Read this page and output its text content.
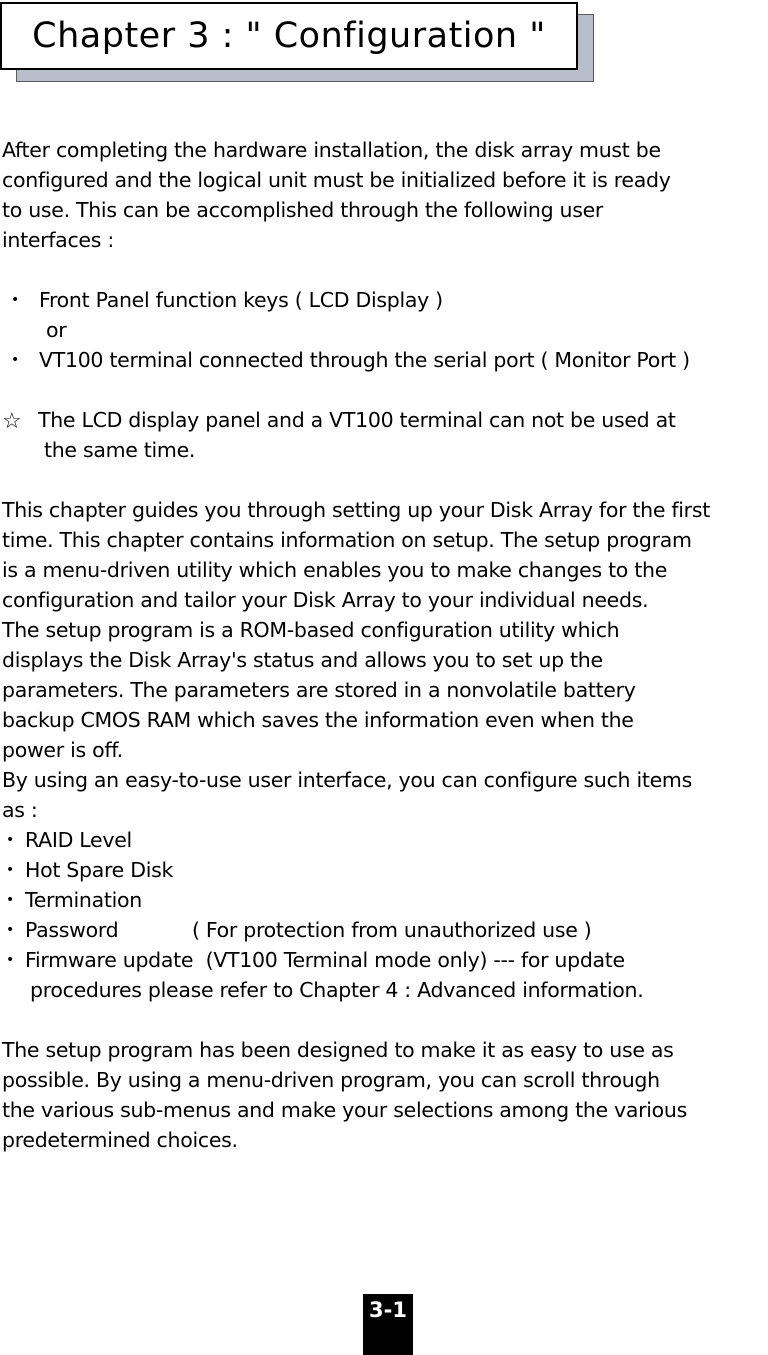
Chapter 3 : " Configuration "
After completing the hardware installation, the disk array must be
configured and the logical unit must be initialized before it is ready
to use. This can be accomplished through the following user
interfaces :

•

Front Panel function keys ( LCD Display )

or

•

VT100 terminal connected through the serial port ( Monitor Port )

☆

The LCD display panel and a VT100 terminal can not be used at

the same time.
This chapter guides you through setting up your Disk Array for the first
time. This chapter contains information on setup. The setup program
is a menu-driven utility which enables you to make changes to the
configuration and tailor your Disk Array to your individual needs.
The setup program is a ROM-based configuration utility which
displays the Disk Array's status and allows you to set up the
parameters. The parameters are stored in a nonvolatile battery
backup CMOS RAM which saves the information even when the
power is off.
By using an easy-to-use user interface, you can configure such items
as :

•

RAID Level

•

Hot Spare Disk

•

Termination

•

Password

	( For protection from unauthorized use )

•

Firmware update  (VT100 Terminal mode only) --- for update

procedures please refer to Chapter 4 : Advanced information.
The setup program has been designed to make it as easy to use as
possible. By using a menu-driven program, you can scroll through
the various sub-menus and make your selections among the various
predetermined choices.
3-1
